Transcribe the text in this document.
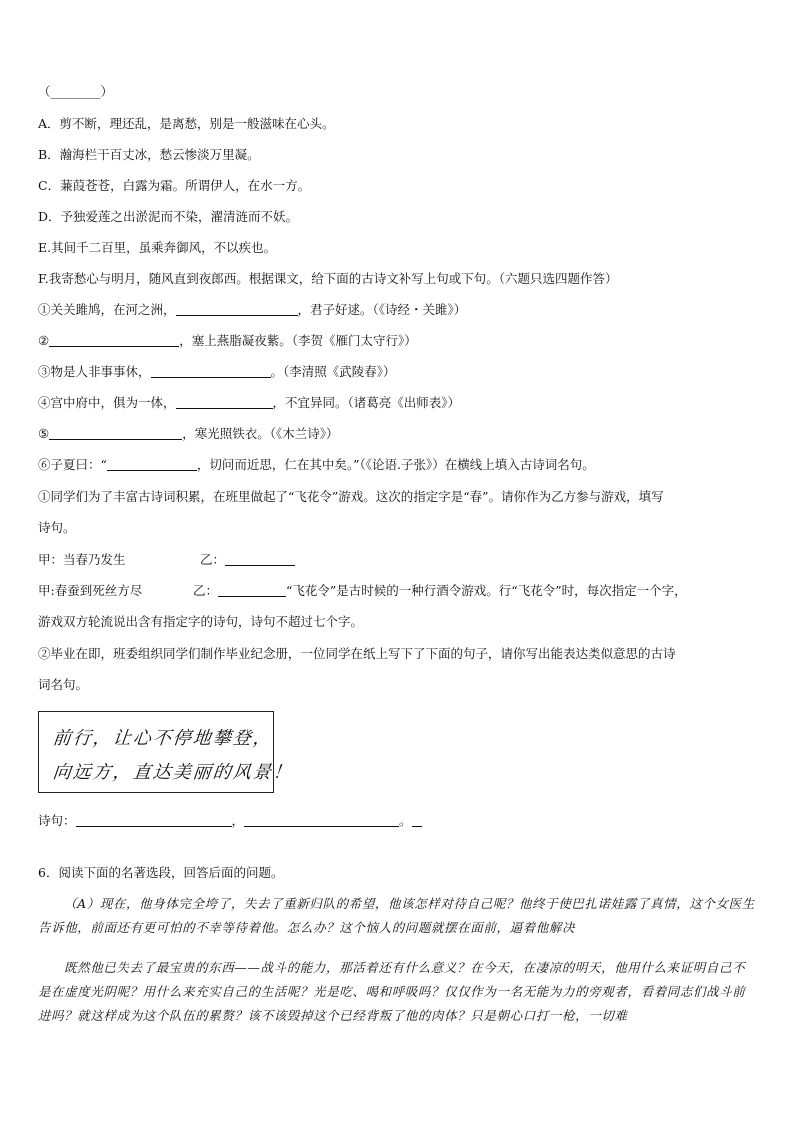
（________）
A．剪不断，理还乱，是离愁，别是一般滋味在心头。
B．瀚海栏干百丈冰，愁云惨淡万里凝。
C．蒹葭苍苍，白露为霜。所谓伊人，在水一方。
D．予独爱莲之出淤泥而不染，濯清涟而不妖。
E.其间千二百里，虽乘奔御风，不以疾也。
F.我寄愁心与明月，随风直到夜郎西。根据课文，给下面的古诗文补写上句或下句。（六题只选四题作答）
①关关雎鸠，在河之洲，	，君子好逑。（《诗经・关雎》）
②	，塞上燕脂凝夜紫。（李贺《雁门太守行》）
③物是人非事事休，	。（李清照《武陵春》）
④宫中府中，俱为一体，	，不宜异同。（诸葛亮《出师表》）
⑤	，寒光照铁衣。（《木兰诗》）
⑥子夏曰：“	，切问而近思，仁在其中矣。”（《论语.子张》）在横线上填入古诗词名句。
①同学们为了丰富古诗词积累，在班里做起了“飞花令”游戏。这次的指定字是“春”。请你作为乙方参与游戏，填写
诗句。
甲：当春乃发生	乙：
甲:春蚕到死丝方尽	乙：	“飞花令”是古时候的一种行酒令游戏。行“飞花令”时，每次指定一个字，
游戏双方轮流说出含有指定字的诗句，诗句不超过七个字。
②毕业在即，班委组织同学们制作毕业纪念册，一位同学在纸上写下了下面的句子，请你写出能表达类似意思的古诗
词名句。
前行，让心不停地攀登，
向远方，直达美丽的风景！
诗句：	，	。
6．阅读下面的名著选段，回答后面的问题。
（A）现在，他身体完全垮了，失去了重新归队的希望，他该怎样对待自己呢？他终于使巴扎诺娃露了真情，这个女医生告诉他，前面还有更可怕的不幸等待着他。怎么办？这个恼人的问题就摆在面前，逼着他解决
既然他已失去了最宝贵的东西——战斗的能力，那活着还有什么意义？在今天，在凄凉的明天，他用什么来证明自己不是在虚度光阴呢？用什么来充实自己的生活呢？光是吃、喝和呼吸吗？仅仅作为一名无能为力的旁观者，看着同志们战斗前进吗？就这样成为这个队伍的累赘？该不该毁掉这个已经背叛了他的肉体？只是朝心口打一枪，一切难
